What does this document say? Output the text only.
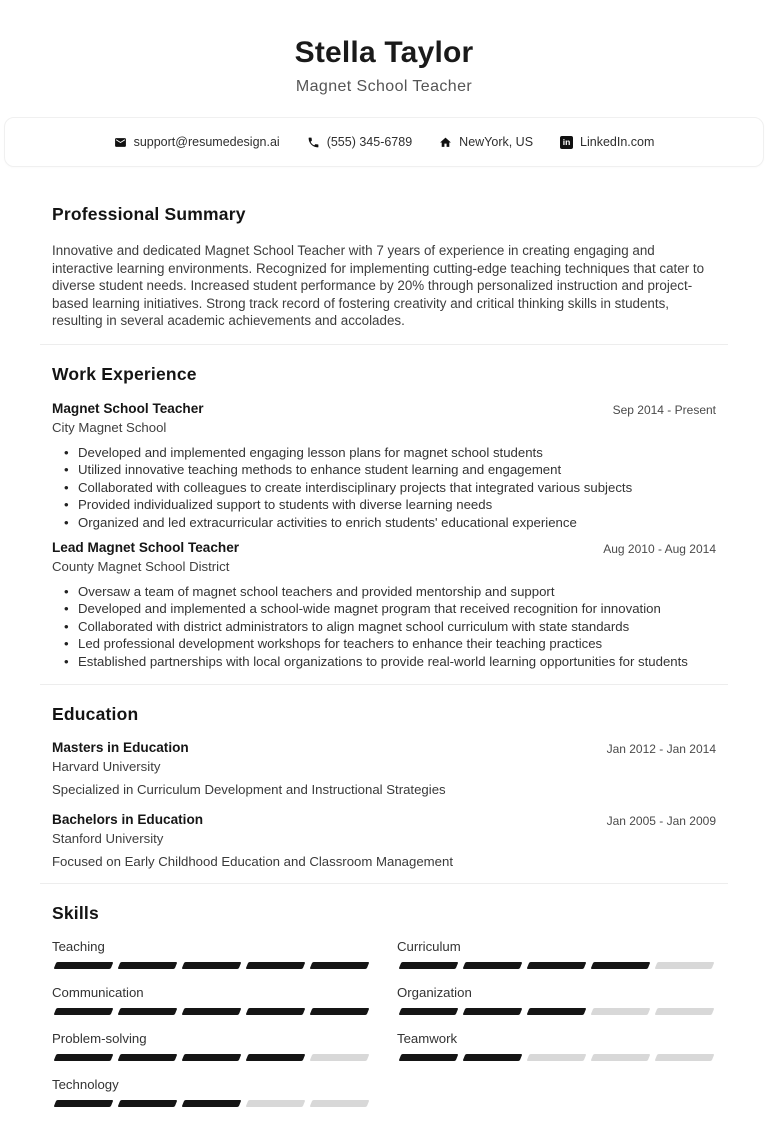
Stella Taylor
Magnet School Teacher
support@resumedesign.ai	(555) 345-6789	NewYork, US	in LinkedIn.com
Professional Summary

Innovative and dedicated Magnet School Teacher with 7 years of experience in creating engaging and interactive learning environments. Recognized for implementing cutting-edge teaching techniques that cater to diverse student needs. Increased student performance by 20% through personalized instruction and project-based learning initiatives. Strong track record of fostering creativity and critical thinking skills in students, resulting in several academic achievements and accolades.

Work Experience
Magnet School Teacher	Sep 2014 - Present
City Magnet School
• Developed and implemented engaging lesson plans for magnet school students
• Utilized innovative teaching methods to enhance student learning and engagement
• Collaborated with colleagues to create interdisciplinary projects that integrated various subjects
• Provided individualized support to students with diverse learning needs
• Organized and led extracurricular activities to enrich students' educational experience
Lead Magnet School Teacher	Aug 2010 - Aug 2014
County Magnet School District
• Oversaw a team of magnet school teachers and provided mentorship and support
• Developed and implemented a school-wide magnet program that received recognition for innovation
• Collaborated with district administrators to align magnet school curriculum with state standards
• Led professional development workshops for teachers to enhance their teaching practices
• Established partnerships with local organizations to provide real-world learning opportunities for students
Education
Masters in Education	Jan 2012 - Jan 2014
Harvard University
Specialized in Curriculum Development and Instructional Strategies
Bachelors in Education	Jan 2005 - Jan 2009
Stanford University
Focused on Early Childhood Education and Classroom Management
Skills
Teaching
Communication
Problem-solving
Technology
Curriculum
Organization
Teamwork
